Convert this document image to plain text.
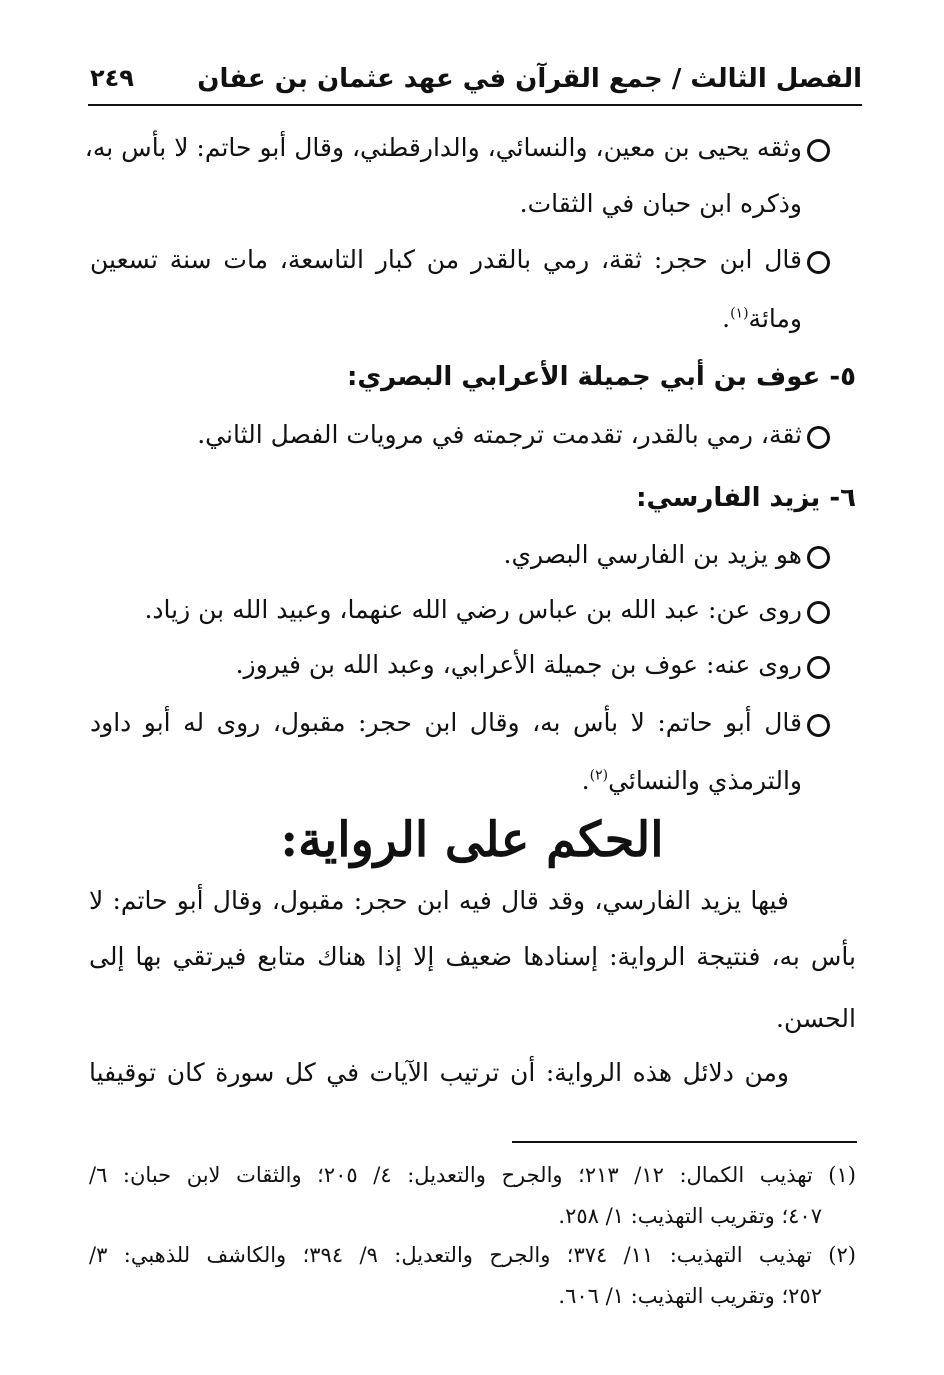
الفصل الثالث / جمع القرآن في عهد عثمان بن عفان
٢٤٩
وثقه يحيى بن معين، والنسائي، والدارقطني، وقال أبو حاتم: لا بأس به،
وذكره ابن حبان في الثقات.
قال ابن حجر: ثقة، رمي بالقدر من كبار التاسعة، مات سنة تسعين
ومائة$^{(١)}$.
٥- عوف بن أبي جميلة الأعرابي البصري:
ثقة، رمي بالقدر، تقدمت ترجمته في مرويات الفصل الثاني.
٦- يزيد الفارسي:
هو يزيد بن الفارسي البصري.
روى عن: عبد الله بن عباس رضي الله عنهما، وعبيد الله بن زياد.
روى عنه: عوف بن جميلة الأعرابي، وعبد الله بن فيروز.
قال أبو حاتم: لا بأس به، وقال ابن حجر: مقبول، روى له أبو داود
والترمذي والنسائي$^{(٢)}$.
الحكم على الرواية:
فيها يزيد الفارسي، وقد قال فيه ابن حجر: مقبول، وقال أبو حاتم: لا
بأس به، فنتيجة الرواية: إسنادها ضعيف إلا إذا هناك متابع فيرتقي بها إلى
الحسن.
ومن دلائل هذه الرواية: أن ترتيب الآيات في كل سورة كان توقيفيا
(١) تهذيب الكمال: ١٢/ ٢١٣؛ والجرح والتعديل: ٤/ ٢٠٥؛ والثقات لابن حبان: ٦/
٤٠٧؛ وتقريب التهذيب: ١/ ٢٥٨.
(٢) تهذيب التهذيب: ١١/ ٣٧٤؛ والجرح والتعديل: ٩/ ٣٩٤؛ والكاشف للذهبي: ٣/
٢٥٢؛ وتقريب التهذيب: ١/ ٦٠٦.
